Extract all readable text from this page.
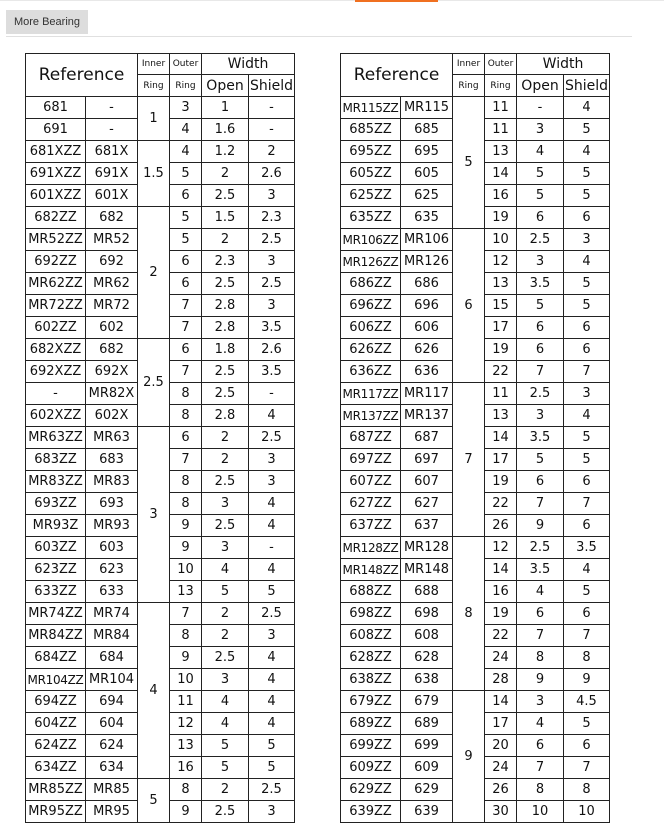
More Bearing
Reference		Inner	Outer	Width	
		Ring	Ring	Open	Shield
681	-	1	3	1	-
691	-		4	1.6	-
681XZZ	681X	1.5	4	1.2	2
691XZZ	691X		5	2	2.6
601XZZ	601X		6	2.5	3
682ZZ	682	2	5	1.5	2.3
MR52ZZ	MR52		5	2	2.5
692ZZ	692		6	2.3	3
MR62ZZ	MR62		6	2.5	2.5
MR72ZZ	MR72		7	2.8	3
602ZZ	602		7	2.8	3.5
682XZZ	682	2.5	6	1.8	2.6
692XZZ	692X		7	2.5	3.5
-	MR82X		8	2.5	-
602XZZ	602X		8	2.8	4
MR63ZZ	MR63	3	6	2	2.5
683ZZ	683		7	2	3
MR83ZZ	MR83		8	2.5	3
693ZZ	693		8	3	4
MR93Z	MR93		9	2.5	4
603ZZ	603		9	3	-
623ZZ	623		10	4	4
633ZZ	633		13	5	5
MR74ZZ	MR74	4	7	2	2.5
MR84ZZ	MR84		8	2	3
684ZZ	684		9	2.5	4
MR104ZZ	MR104		10	3	4
694ZZ	694		11	4	4
604ZZ	604		12	4	4
624ZZ	624		13	5	5
634ZZ	634		16	5	5
MR85ZZ	MR85	5	8	2	2.5
MR95ZZ	MR95		9	2.5	3
Reference		Inner	Outer	Width	
		Ring	Ring	Open	Shield
MR115ZZ	MR115	5	11	-	4
685ZZ	685		11	3	5
695ZZ	695		13	4	4
605ZZ	605		14	5	5
625ZZ	625		16	5	5
635ZZ	635		19	6	6
MR106ZZ	MR106	6	10	2.5	3
MR126ZZ	MR126		12	3	4
686ZZ	686		13	3.5	5
696ZZ	696		15	5	5
606ZZ	606		17	6	6
626ZZ	626		19	6	6
636ZZ	636		22	7	7
MR117ZZ	MR117	7	11	2.5	3
MR137ZZ	MR137		13	3	4
687ZZ	687		14	3.5	5
697ZZ	697		17	5	5
607ZZ	607		19	6	6
627ZZ	627		22	7	7
637ZZ	637		26	9	6
MR128ZZ	MR128	8	12	2.5	3.5
MR148ZZ	MR148		14	3.5	4
688ZZ	688		16	4	5
698ZZ	698		19	6	6
608ZZ	608		22	7	7
628ZZ	628		24	8	8
638ZZ	638		28	9	9
679ZZ	679	9	14	3	4.5
689ZZ	689		17	4	5
699ZZ	699		20	6	6
609ZZ	609		24	7	7
629ZZ	629		26	8	8
639ZZ	639		30	10	10
